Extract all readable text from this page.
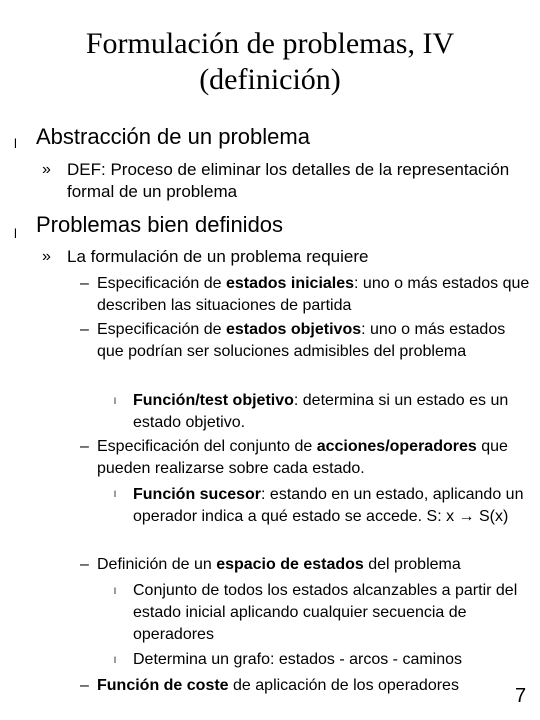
Formulación de problemas, IV
(definición)
l Abstracción de un problema
» DEF: Proceso de eliminar los detalles de la representación formal de un problema
l Problemas bien definidos
» La formulación de un problema requiere
– Especificación de estados iniciales: uno o más estados que describen las situaciones de partida
– Especificación de estados objetivos: uno o más estados que podrían ser soluciones admisibles del problema
l Función/test objetivo: determina si un estado es un estado objetivo.
– Especificación del conjunto de acciones/operadores que pueden realizarse sobre cada estado.
l Función sucesor: estando en un estado, aplicando un operador indica a qué estado se accede. S: x → S(x)
– Definición de un espacio de estados del problema
l Conjunto de todos los estados alcanzables a partir del estado inicial aplicando cualquier secuencia de operadores
l Determina un grafo: estados - arcos - caminos
– Función de coste de aplicación de los operadores	7
